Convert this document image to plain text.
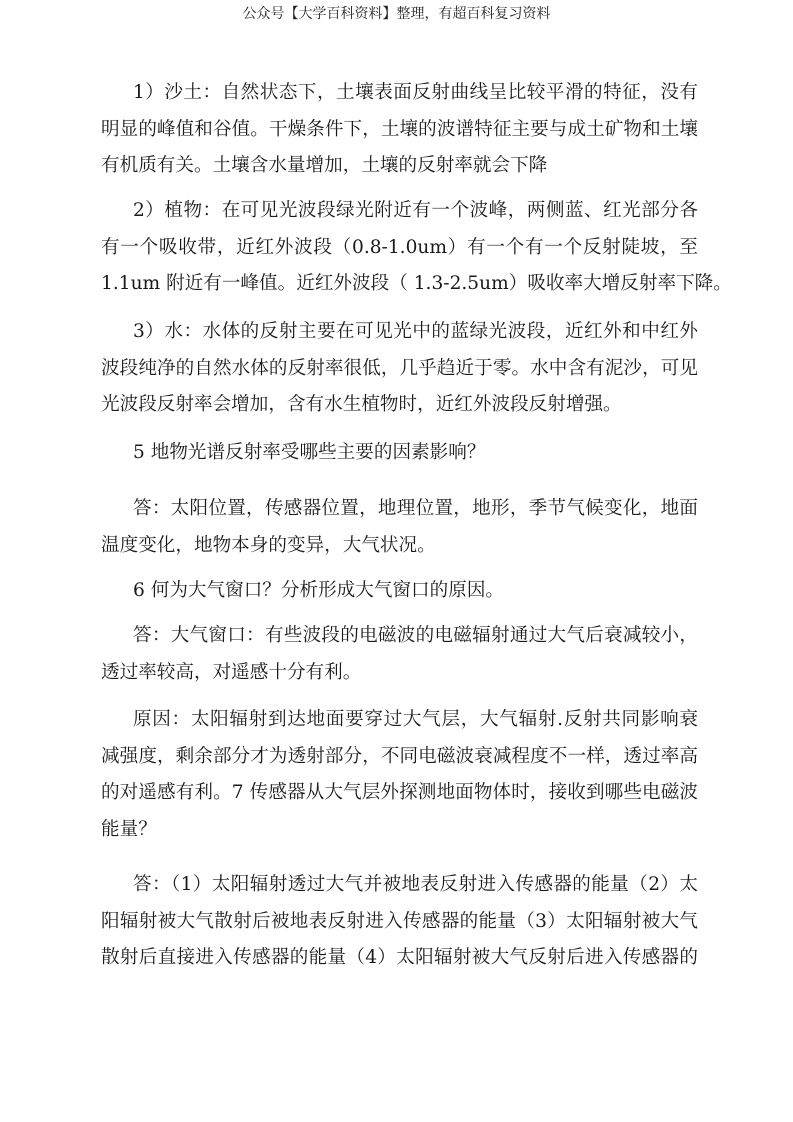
公众号【大学百科资料】整理，有超百科复习资料
1）沙土：自然状态下，土壤表面反射曲线呈比较平滑的特征，没有
明显的峰值和谷值。干燥条件下，土壤的波谱特征主要与成土矿物和土壤
有机质有关。土壤含水量增加，土壤的反射率就会下降
2）植物：在可见光波段绿光附近有一个波峰，两侧蓝、红光部分各
有一个吸收带，近红外波段（0.8-1.0um）有一个有一个反射陡坡，至
1.1um 附近有一峰值。近红外波段（ 1.3-2.5um）吸收率大增反射率下降。
3）水：水体的反射主要在可见光中的蓝绿光波段，近红外和中红外
波段纯净的自然水体的反射率很低，几乎趋近于零。水中含有泥沙，可见
光波段反射率会增加，含有水生植物时，近红外波段反射增强。
5 地物光谱反射率受哪些主要的因素影响？
答：太阳位置，传感器位置，地理位置，地形，季节气候变化，地面
温度变化，地物本身的变异，大气状况。
6 何为大气窗口？分析形成大气窗口的原因。
答：大气窗口：有些波段的电磁波的电磁辐射通过大气后衰减较小，
透过率较高，对遥感十分有利。
原因：太阳辐射到达地面要穿过大气层，大气辐射.反射共同影响衰
减强度，剩余部分才为透射部分，不同电磁波衰减程度不一样，透过率高
的对遥感有利。7 传感器从大气层外探测地面物体时，接收到哪些电磁波
能量？
答：（1）太阳辐射透过大气并被地表反射进入传感器的能量（2）太
阳辐射被大气散射后被地表反射进入传感器的能量（3）太阳辐射被大气
散射后直接进入传感器的能量（4）太阳辐射被大气反射后进入传感器的
